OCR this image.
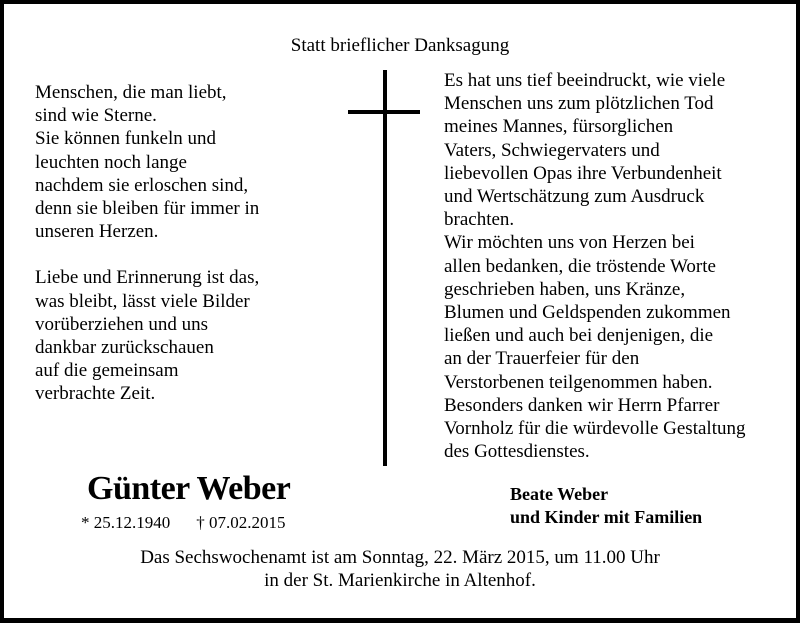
Statt brieflicher Danksagung
Menschen, die man liebt,
sind wie Sterne.
Sie können funkeln und
leuchten noch lange
nachdem sie erloschen sind,
denn sie bleiben für immer in
unseren Herzen.
Liebe und Erinnerung ist das,
was bleibt, lässt viele Bilder
vorüberziehen und uns
dankbar zurückschauen
auf die gemeinsam
verbrachte Zeit.
Es hat uns tief beeindruckt, wie viele
Menschen uns zum plötzlichen Tod
meines Mannes, fürsorglichen
Vaters, Schwiegervaters und
liebevollen Opas ihre Verbundenheit
und Wertschätzung zum Ausdruck
brachten.
Wir möchten uns von Herzen bei
allen bedanken, die tröstende Worte
geschrieben haben, uns Kränze,
Blumen und Geldspenden zukommen
ließen und auch bei denjenigen, die
an der Trauerfeier für den
Verstorbenen teilgenommen haben.
Besonders danken wir Herrn Pfarrer
Vornholz für die würdevolle Gestaltung
des Gottesdienstes.
Günter Weber
* 25.12.1940 † 07.02.2015
Beate Weber
und Kinder mit Familien
Das Sechswochenamt ist am Sonntag, 22. März 2015, um 11.00 Uhr
in der St. Marienkirche in Altenhof.
